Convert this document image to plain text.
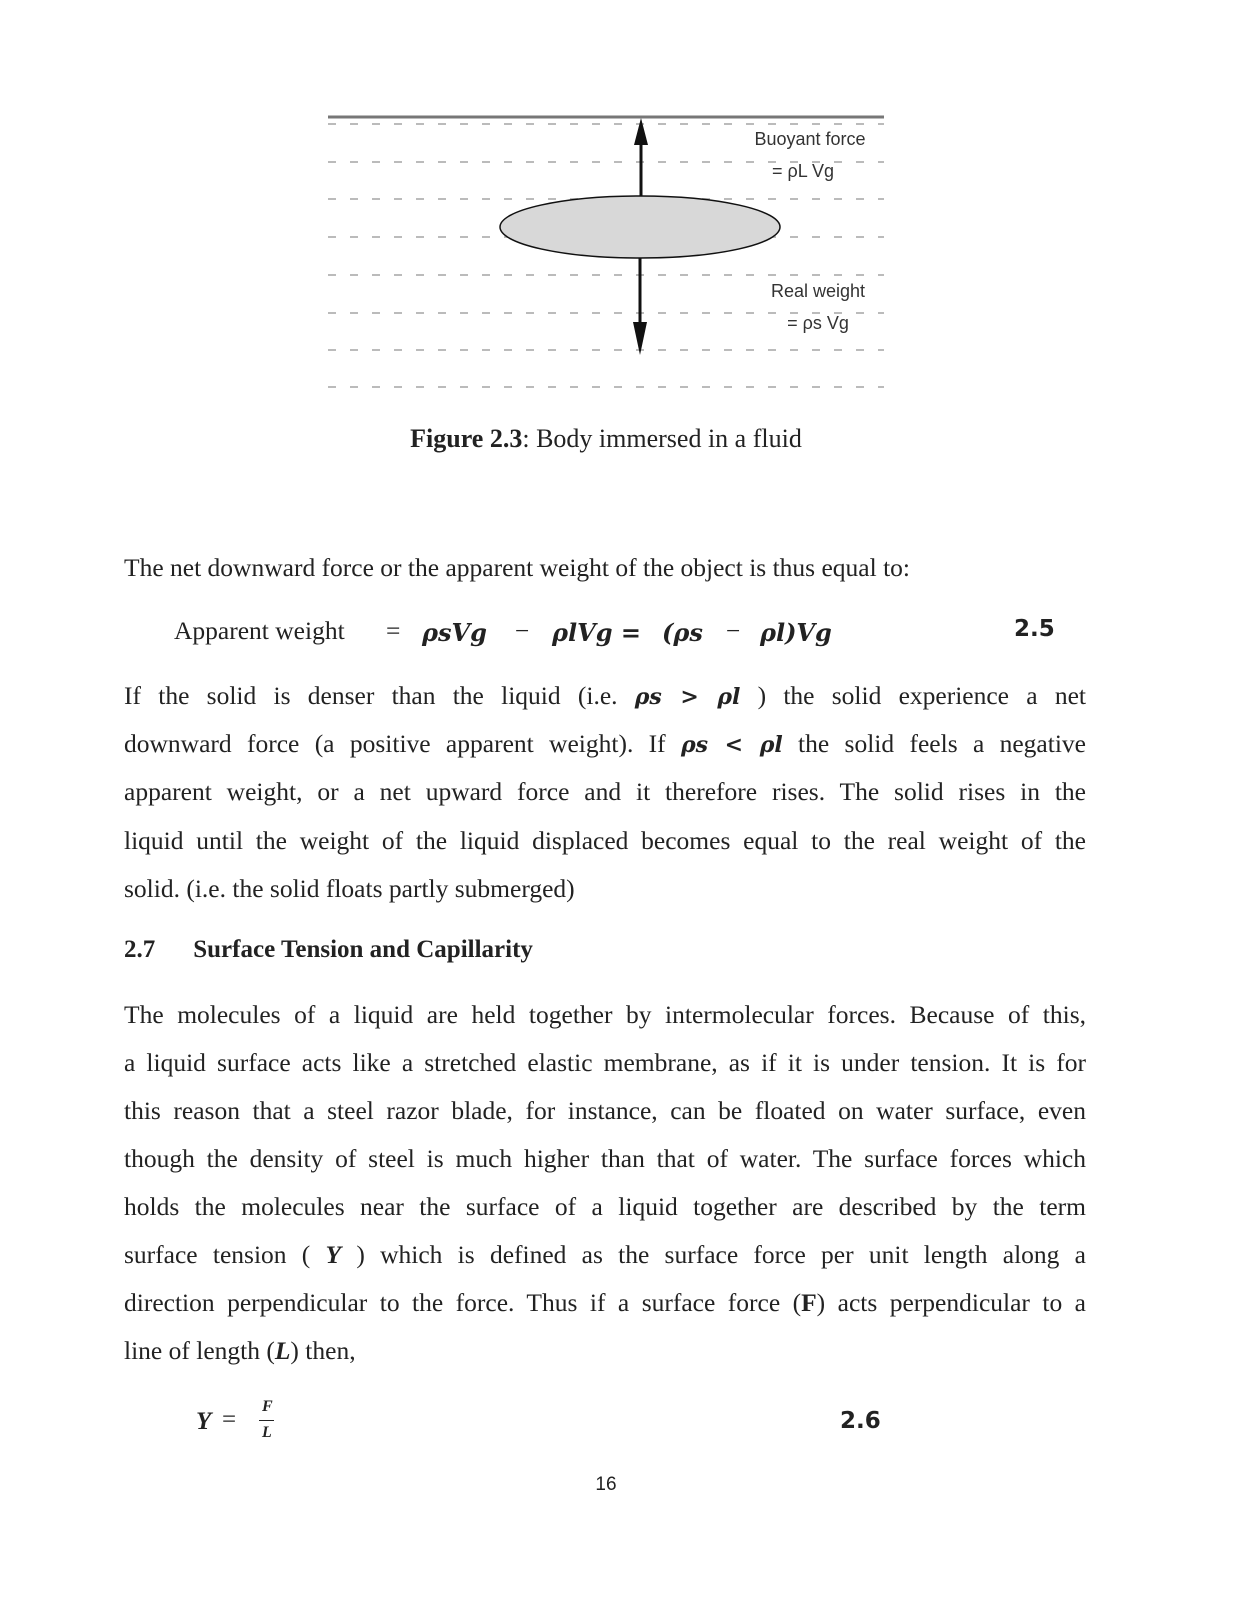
Buoyant force
= ρL Vg
Real weight
= ρs Vg
Figure 2.3: Body immersed in a fluid
The net downward force or the apparent weight of the object is thus equal to:
Apparent weight = ρsVg − ρlVg = (ρs − ρl)Vg	2.5
If the solid is denser than the liquid (i.e. ρs > ρl ) the solid experience a net
downward force (a positive apparent weight). If ρs < ρl the solid feels a negative
apparent weight, or a net upward force and it therefore rises. The solid rises in the
liquid until the weight of the liquid displaced becomes equal to the real weight of the
solid. (i.e. the solid floats partly submerged)
2.7 Surface Tension and Capillarity
The molecules of a liquid are held together by intermolecular forces. Because of this,
a liquid surface acts like a stretched elastic membrane, as if it is under tension. It is for
this reason that a steel razor blade, for instance, can be floated on water surface, even
though the density of steel is much higher than that of water. The surface forces which
holds the molecules near the surface of a liquid together are described by the term
surface tension ( Y ) which is defined as the surface force per unit length along a
direction perpendicular to the force. Thus if a surface force (F) acts perpendicular to a
line of length (L) then,
Y = F
L	2.6
16
